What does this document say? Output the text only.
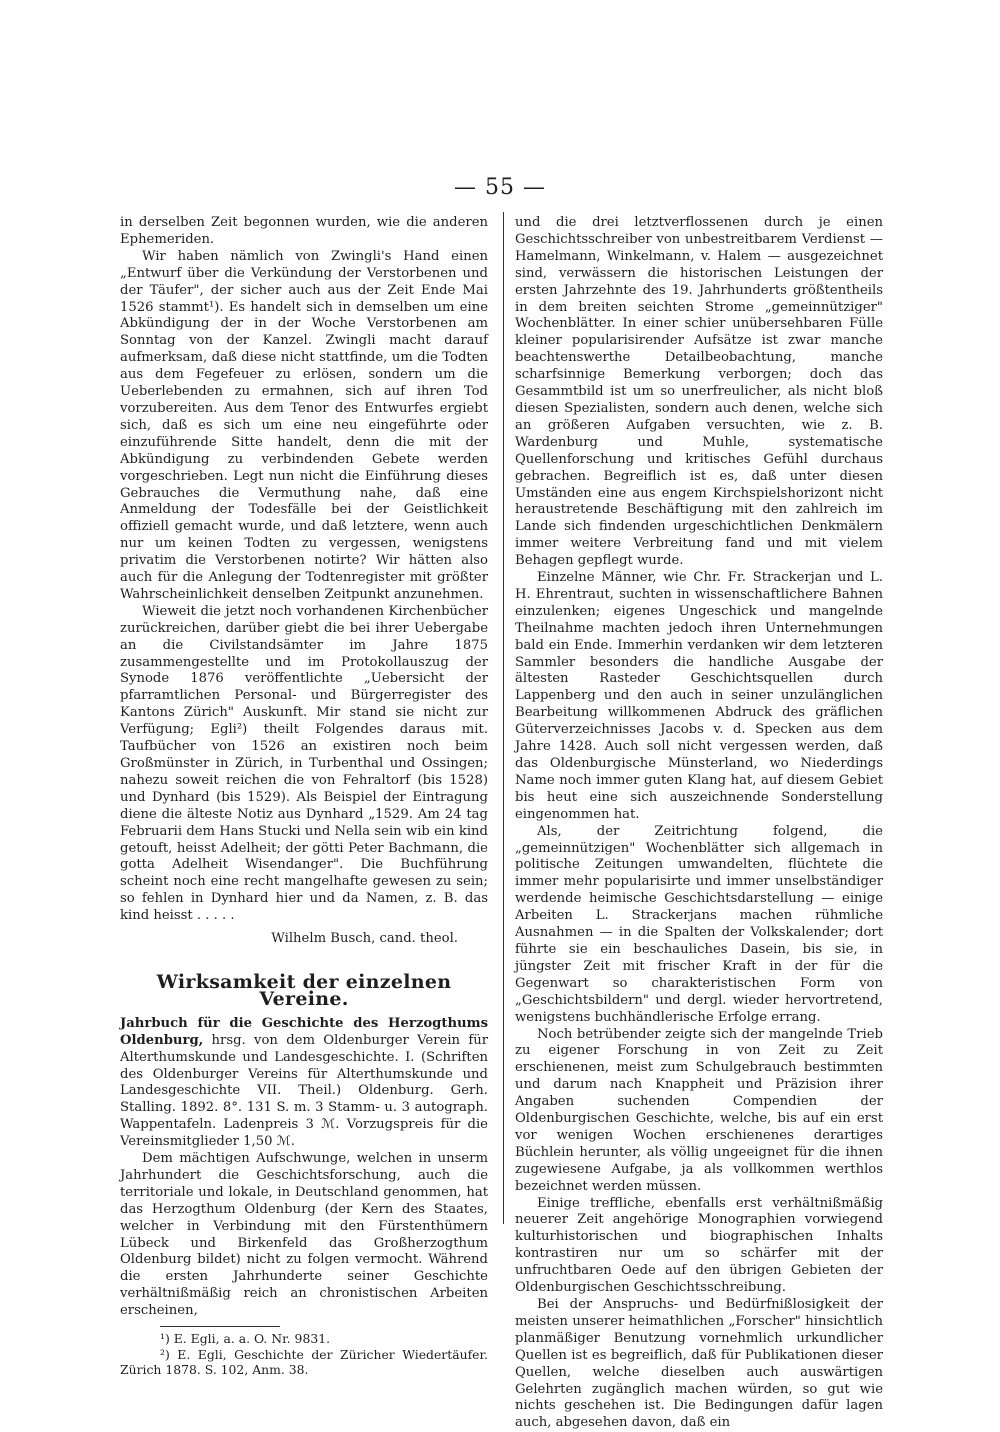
— 55 —

in derselben Zeit begonnen wurden, wie die anderen Ephemeriden.

Wir haben nämlich von Zwingli's Hand einen „Entwurf über die Verkündung der Verstorbenen und der Täufer", der sicher auch aus der Zeit Ende Mai 1526 stammt¹). Es handelt sich in demselben um eine Abkündigung der in der Woche Verstorbenen am Sonntag von der Kanzel. Zwingli macht darauf aufmerksam, daß diese nicht stattfinde, um die Todten aus dem Fegefeuer zu erlösen, sondern um die Ueberlebenden zu ermahnen, sich auf ihren Tod vorzubereiten. Aus dem Tenor des Entwurfes ergiebt sich, daß es sich um eine neu eingeführte oder einzuführende Sitte handelt, denn die mit der Abkündigung zu verbindenden Gebete werden vorgeschrieben. Legt nun nicht die Einführung dieses Gebrauches die Vermuthung nahe, daß eine Anmeldung der Todesfälle bei der Geistlichkeit offiziell gemacht wurde, und daß letztere, wenn auch nur um keinen Todten zu vergessen, wenigstens privatim die Verstorbenen notirte? Wir hätten also auch für die Anlegung der Todtenregister mit größter Wahrscheinlichkeit denselben Zeitpunkt anzunehmen.

Wieweit die jetzt noch vorhandenen Kirchenbücher zurückreichen, darüber giebt die bei ihrer Uebergabe an die Civilstandsämter im Jahre 1875 zusammengestellte und im Protokollauszug der Synode 1876 veröffentlichte „Uebersicht der pfarramtlichen Personal- und Bürgerregister des Kantons Zürich" Auskunft. Mir stand sie nicht zur Verfügung; Egli²) theilt Folgendes daraus mit. Taufbücher von 1526 an existiren noch beim Großmünster in Zürich, in Turbenthal und Ossingen; nahezu soweit reichen die von Fehraltorf (bis 1528) und Dynhard (bis 1529). Als Beispiel der Eintragung diene die älteste Notiz aus Dynhard „1529. Am 24 tag Februarii dem Hans Stucki und Nella sein wib ein kind getouft, heisst Adelheit; der götti Peter Bachmann, die gotta Adelheit Wisendanger". Die Buchführung scheint noch eine recht mangelhafte gewesen zu sein; so fehlen in Dynhard hier und da Namen, z. B. das kind heisst . . . . .

Wilhelm Busch, cand. theol.

Wirksamkeit der einzelnen Vereine.

Jahrbuch für die Geschichte des Herzogthums Oldenburg, hrsg. von dem Oldenburger Verein für Alterthumskunde und Landesgeschichte. I. (Schriften des Oldenburger Vereins für Alterthumskunde und Landesgeschichte VII. Theil.) Oldenburg. Gerh. Stalling. 1892. 8°. 131 S. m. 3 Stamm- u. 3 autograph. Wappentafeln. Ladenpreis 3 ℳ. Vorzugspreis für die Vereinsmitglieder 1,50 ℳ.

Dem mächtigen Aufschwunge, welchen in unserm Jahrhundert die Geschichtsforschung, auch die territoriale und lokale, in Deutschland genommen, hat das Herzogthum Oldenburg (der Kern des Staates, welcher in Verbindung mit den Fürstenthümern Lübeck und Birkenfeld das Großherzogthum Oldenburg bildet) nicht zu folgen vermocht. Während die ersten Jahrhunderte seiner Geschichte verhältnißmäßig reich an chronistischen Arbeiten erscheinen,

¹) E. Egli, a. a. O. Nr. 9831.

²) E. Egli, Geschichte der Züricher Wiedertäufer. Zürich 1878. S. 102, Anm. 38.

und die drei letztverflossenen durch je einen Geschichtsschreiber von unbestreitbarem Verdienst — Hamelmann, Winkelmann, v. Halem — ausgezeichnet sind, verwässern die historischen Leistungen der ersten Jahrzehnte des 19. Jahrhunderts größtentheils in dem breiten seichten Strome „gemeinnütziger" Wochenblätter. In einer schier unübersehbaren Fülle kleiner popularisirender Aufsätze ist zwar manche beachtenswerthe Detailbeobachtung, manche scharfsinnige Bemerkung verborgen; doch das Gesammtbild ist um so unerfreulicher, als nicht bloß diesen Spezialisten, sondern auch denen, welche sich an größeren Aufgaben versuchten, wie z. B. Wardenburg und Muhle, systematische Quellenforschung und kritisches Gefühl durchaus gebrachen. Begreiflich ist es, daß unter diesen Umständen eine aus engem Kirchspielshorizont nicht heraustretende Beschäftigung mit den zahlreich im Lande sich findenden urgeschichtlichen Denkmälern immer weitere Verbreitung fand und mit vielem Behagen gepflegt wurde.

Einzelne Männer, wie Chr. Fr. Strackerjan und L. H. Ehrentraut, suchten in wissenschaftlichere Bahnen einzulenken; eigenes Ungeschick und mangelnde Theilnahme machten jedoch ihren Unternehmungen bald ein Ende. Immerhin verdanken wir dem letzteren Sammler besonders die handliche Ausgabe der ältesten Rasteder Geschichtsquellen durch Lappenberg und den auch in seiner unzulänglichen Bearbeitung willkommenen Abdruck des gräflichen Güterverzeichnisses Jacobs v. d. Specken aus dem Jahre 1428. Auch soll nicht vergessen werden, daß das Oldenburgische Münsterland, wo Niederdings Name noch immer guten Klang hat, auf diesem Gebiet bis heut eine sich auszeichnende Sonderstellung eingenommen hat.

Als, der Zeitrichtung folgend, die „gemeinnützigen" Wochenblätter sich allgemach in politische Zeitungen umwandelten, flüchtete die immer mehr popularisirte und immer unselbständiger werdende heimische Geschichtsdarstellung — einige Arbeiten L. Strackerjans machen rühmliche Ausnahmen — in die Spalten der Volkskalender; dort führte sie ein beschauliches Dasein, bis sie, in jüngster Zeit mit frischer Kraft in der für die Gegenwart so charakteristischen Form von „Geschichtsbildern" und dergl. wieder hervortretend, wenigstens buchhändlerische Erfolge errang.

Noch betrübender zeigte sich der mangelnde Trieb zu eigener Forschung in von Zeit zu Zeit erschienenen, meist zum Schulgebrauch bestimmten und darum nach Knappheit und Präzision ihrer Angaben suchenden Compendien der Oldenburgischen Geschichte, welche, bis auf ein erst vor wenigen Wochen erschienenes derartiges Büchlein herunter, als völlig ungeeignet für die ihnen zugewiesene Aufgabe, ja als vollkommen werthlos bezeichnet werden müssen.

Einige treffliche, ebenfalls erst verhältnißmäßig neuerer Zeit angehörige Monographien vorwiegend kulturhistorischen und biographischen Inhalts kontrastiren nur um so schärfer mit der unfruchtbaren Oede auf den übrigen Gebieten der Oldenburgischen Geschichtsschreibung.

Bei der Anspruchs- und Bedürfnißlosigkeit der meisten unserer heimathlichen „Forscher" hinsichtlich planmäßiger Benutzung vornehmlich urkundlicher Quellen ist es begreiflich, daß für Publikationen dieser Quellen, welche dieselben auch auswärtigen Gelehrten zugänglich machen würden, so gut wie nichts geschehen ist. Die Bedingungen dafür lagen auch, abgesehen davon, daß ein
